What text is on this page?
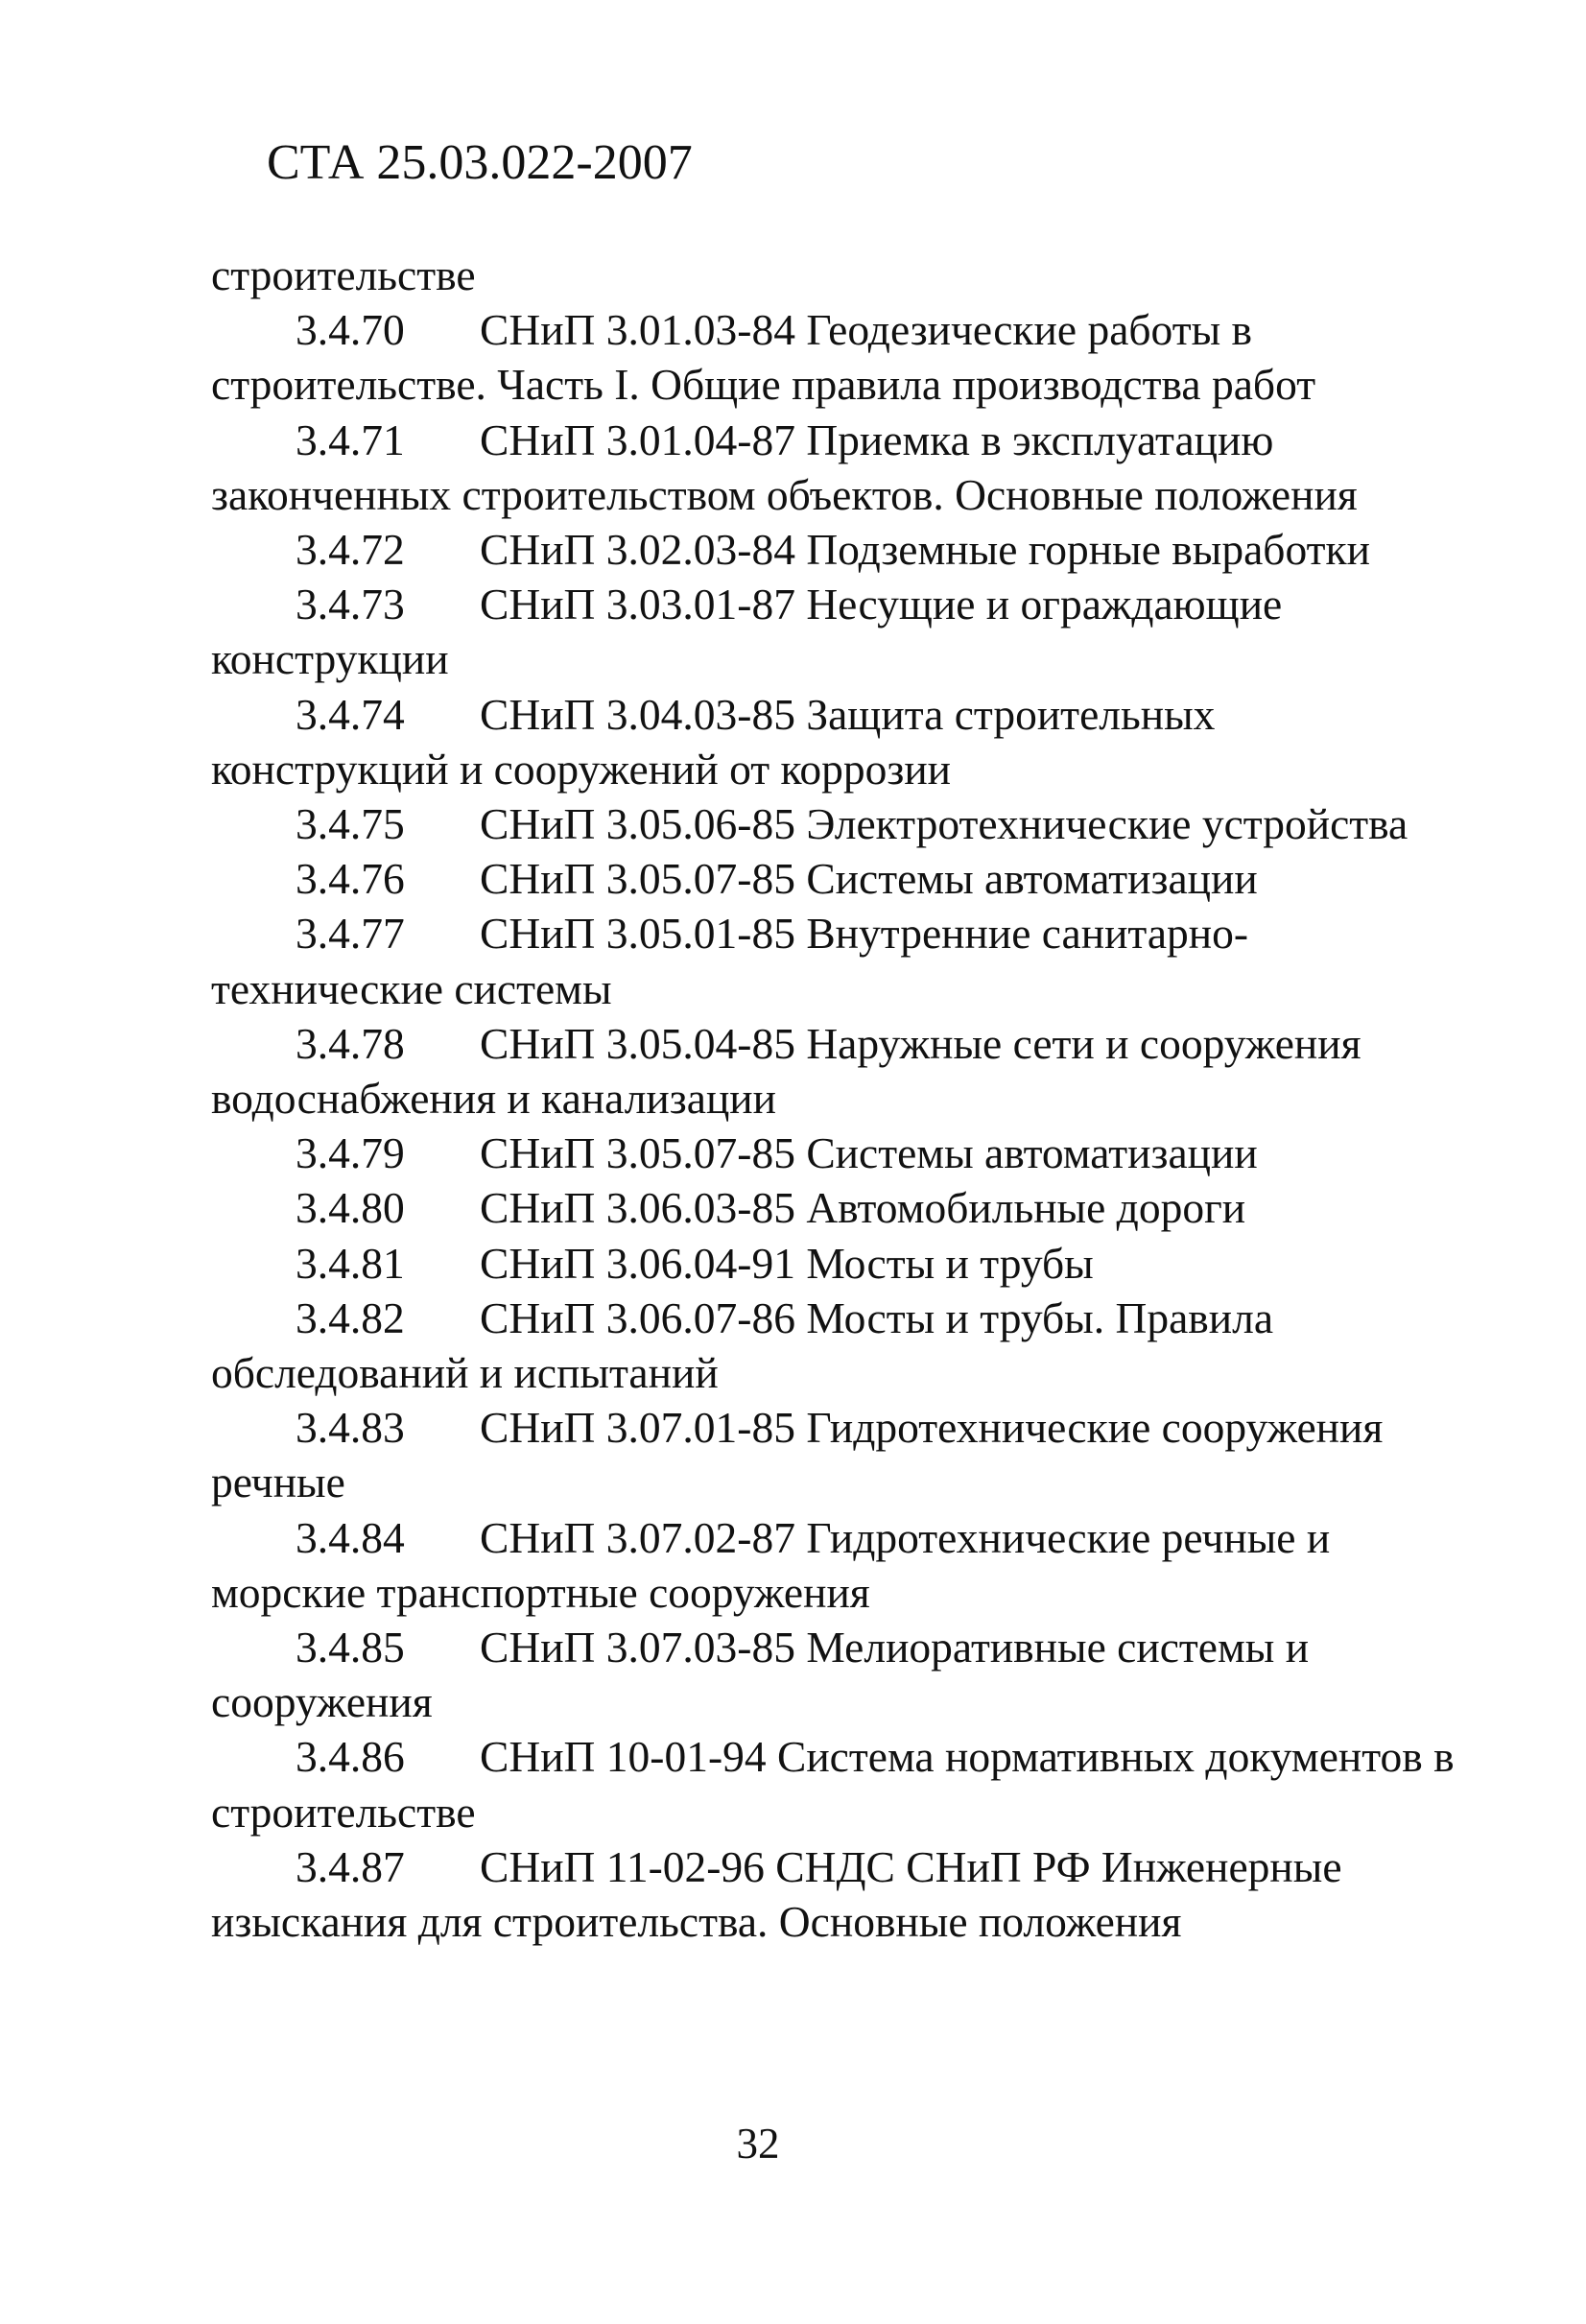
СТА 25.03.022-2007

строительстве

3.4.70 СНиП 3.01.03-84 Геодезические работы в строительстве. Часть I. Общие правила производства работ

3.4.71 СНиП 3.01.04-87 Приемка в эксплуатацию законченных строительством объектов. Основные положения

3.4.72 СНиП 3.02.03-84 Подземные горные выработки

3.4.73 СНиП 3.03.01-87 Несущие и ограждающие конструкции

3.4.74 СНиП 3.04.03-85 Защита строительных конструкций и сооружений от коррозии

3.4.75 СНиП 3.05.06-85 Электротехнические устройства

3.4.76 СНиП 3.05.07-85 Системы автоматизации

3.4.77 СНиП 3.05.01-85 Внутренние санитарно-технические системы

3.4.78 СНиП 3.05.04-85 Наружные сети и сооружения водоснабжения и канализации

3.4.79 СНиП 3.05.07-85 Системы автоматизации

3.4.80 СНиП 3.06.03-85 Автомобильные дороги

3.4.81 СНиП 3.06.04-91 Мосты и трубы

3.4.82 СНиП 3.06.07-86 Мосты и трубы. Правила обследований и испытаний

3.4.83 СНиП 3.07.01-85 Гидротехнические сооружения речные

3.4.84 СНиП 3.07.02-87 Гидротехнические речные и морские транспортные сооружения

3.4.85 СНиП 3.07.03-85 Мелиоративные системы и сооружения

3.4.86 СНиП 10-01-94 Система нормативных документов в строительстве

3.4.87 СНиП 11-02-96 СНДС СНиП РФ Инженерные изыскания для строительства. Основные положения

32
